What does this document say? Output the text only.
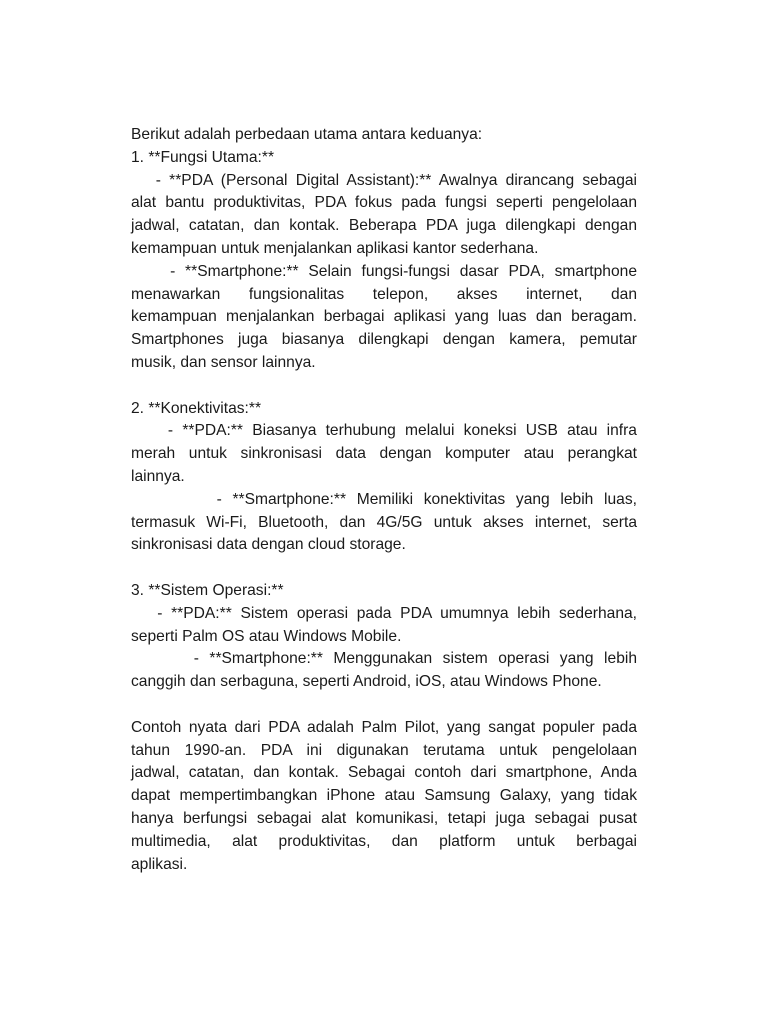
Berikut adalah perbedaan utama antara keduanya:
1. **Fungsi Utama:**
- **PDA (Personal Digital Assistant):** Awalnya dirancang sebagai
alat bantu produktivitas, PDA fokus pada fungsi seperti pengelolaan
jadwal, catatan, dan kontak. Beberapa PDA juga dilengkapi dengan
kemampuan untuk menjalankan aplikasi kantor sederhana.
- **Smartphone:** Selain fungsi-fungsi dasar PDA, smartphone
menawarkan fungsionalitas telepon, akses internet, dan
kemampuan menjalankan berbagai aplikasi yang luas dan beragam.
Smartphones juga biasanya dilengkapi dengan kamera, pemutar
musik, dan sensor lainnya.
2. **Konektivitas:**
- **PDA:** Biasanya terhubung melalui koneksi USB atau infra
merah untuk sinkronisasi data dengan komputer atau perangkat
lainnya.
- **Smartphone:** Memiliki konektivitas yang lebih luas,
termasuk Wi-Fi, Bluetooth, dan 4G/5G untuk akses internet, serta
sinkronisasi data dengan cloud storage.
3. **Sistem Operasi:**
- **PDA:** Sistem operasi pada PDA umumnya lebih sederhana,
seperti Palm OS atau Windows Mobile.
- **Smartphone:** Menggunakan sistem operasi yang lebih
canggih dan serbaguna, seperti Android, iOS, atau Windows Phone.
Contoh nyata dari PDA adalah Palm Pilot, yang sangat populer pada
tahun 1990-an. PDA ini digunakan terutama untuk pengelolaan
jadwal, catatan, dan kontak. Sebagai contoh dari smartphone, Anda
dapat mempertimbangkan iPhone atau Samsung Galaxy, yang tidak
hanya berfungsi sebagai alat komunikasi, tetapi juga sebagai pusat
multimedia, alat produktivitas, dan platform untuk berbagai
aplikasi.
